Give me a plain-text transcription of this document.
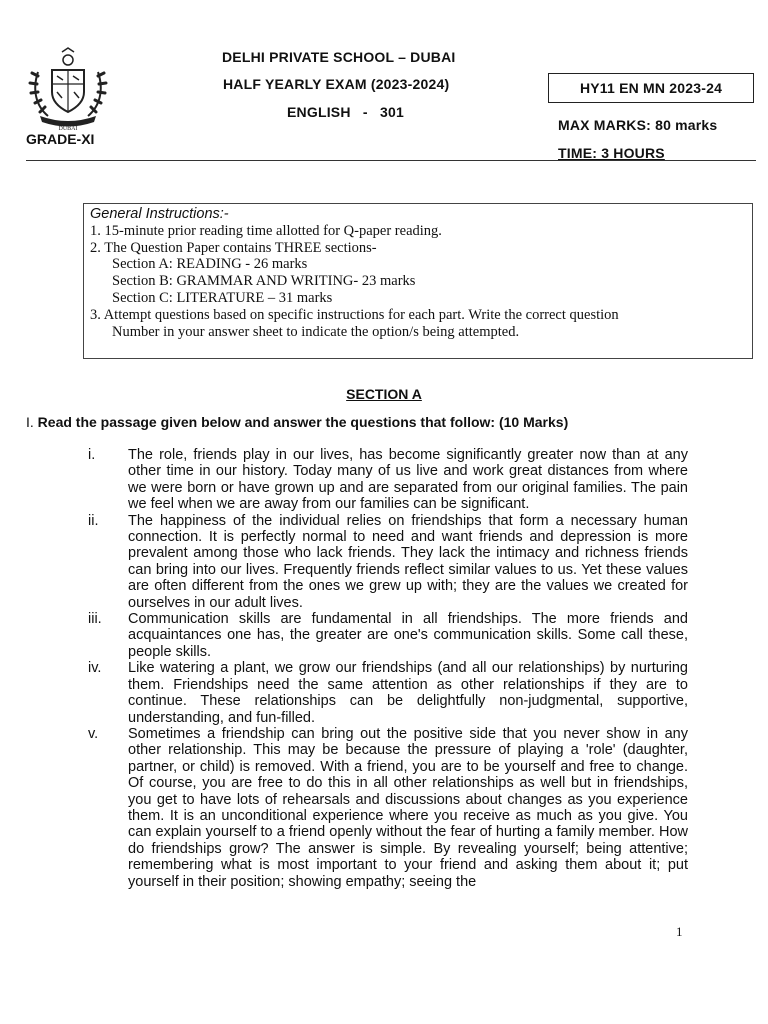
DUBAI
GRADE-XI
DELHI PRIVATE SCHOOL – DUBAI
HALF YEARLY EXAM (2023-2024)
ENGLISH   -   301
HY11 EN MN 2023-24
MAX MARKS: 80 marks
TIME: 3 HOURS
General Instructions:-
1. 15-minute prior reading time allotted for Q-paper reading.
2. The Question Paper contains THREE sections-
Section A: READING - 26 marks
Section B: GRAMMAR AND WRITING- 23 marks
Section C: LITERATURE – 31 marks
3. Attempt questions based on specific instructions for each part. Write the correct question
Number in your answer sheet to indicate the option/s being attempted.
SECTION A
I. Read the passage given below and answer the questions that follow: (10 Marks)
i.	The role, friends play in our lives, has become significantly greater now than at any other time in our history. Today many of us live and work great distances from where we were born or have grown up and are separated from our original families. The pain we feel when we are away from our families can be significant.
ii.	The happiness of the individual relies on friendships that form a necessary human connection. It is perfectly normal to need and want friends and depression is more prevalent among those who lack friends. They lack the intimacy and richness friends can bring into our lives. Frequently friends reflect similar values to us. Yet these values are often different from the ones we grew up with; they are the values we created for ourselves in our adult lives.
iii.	Communication skills are fundamental in all friendships. The more friends and acquaintances one has, the greater are one's communication skills. Some call these, people skills.
iv.	Like watering a plant, we grow our friendships (and all our relationships) by nurturing them. Friendships need the same attention as other relationships if they are to continue. These relationships can be delightfully non-judgmental, supportive, understanding, and fun-filled.
v.	Sometimes a friendship can bring out the positive side that you never show in any other relationship. This may be because the pressure of playing a 'role' (daughter, partner, or child) is removed. With a friend, you are to be yourself and free to change. Of course, you are free to do this in all other relationships as well but in friendships, you get to have lots of rehearsals and discussions about changes as you experience them. It is an unconditional experience where you receive as much as you give. You can explain yourself to a friend openly without the fear of hurting a family member. How do friendships grow? The answer is simple. By revealing yourself; being attentive; remembering what is most important to your friend and asking them about it; put yourself in their position; showing empathy; seeing the
1
